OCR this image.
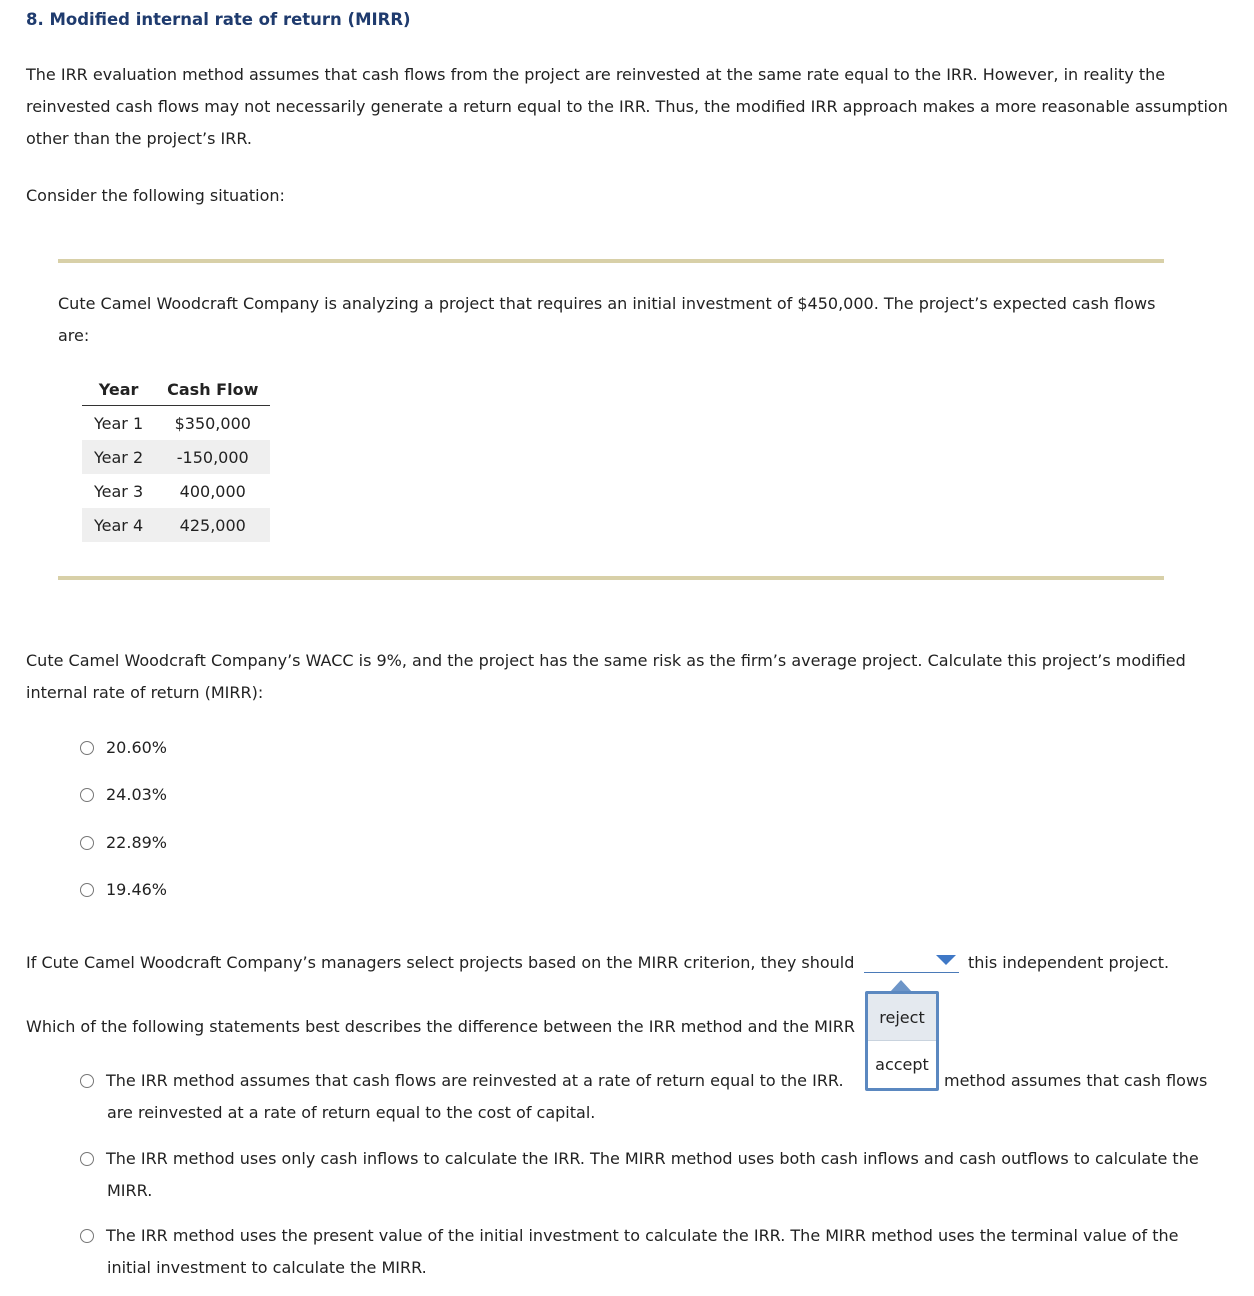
8. Modified internal rate of return (MIRR)
The IRR evaluation method assumes that cash flows from the project are reinvested at the same rate equal to the IRR. However, in reality the reinvested cash flows may not necessarily generate a return equal to the IRR. Thus, the modified IRR approach makes a more reasonable assumption other than the project’s IRR.
Consider the following situation:
Cute Camel Woodcraft Company is analyzing a project that requires an initial investment of $450,000. The project’s expected cash flows are:
Year	Cash Flow
Year 1	$350,000
Year 2	-150,000
Year 3	400,000
Year 4	425,000
Cute Camel Woodcraft Company’s WACC is 9%, and the project has the same risk as the firm’s average project. Calculate this project’s modified internal rate of return (MIRR):
20.60%
24.03%
22.89%
19.46%
If Cute Camel Woodcraft Company’s managers select projects based on the MIRR criterion, they should	this independent project.
Which of the following statements best describes the difference between the IRR method and the MIRR
The IRR method assumes that cash flows are reinvested at a rate of return equal to the IRR.	method assumes that cash flows
are reinvested at a rate of return equal to the cost of capital.
The IRR method uses only cash inflows to calculate the IRR. The MIRR method uses both cash inflows and cash outflows to calculate the
MIRR.
The IRR method uses the present value of the initial investment to calculate the IRR. The MIRR method uses the terminal value of the
initial investment to calculate the MIRR.
reject
accept
